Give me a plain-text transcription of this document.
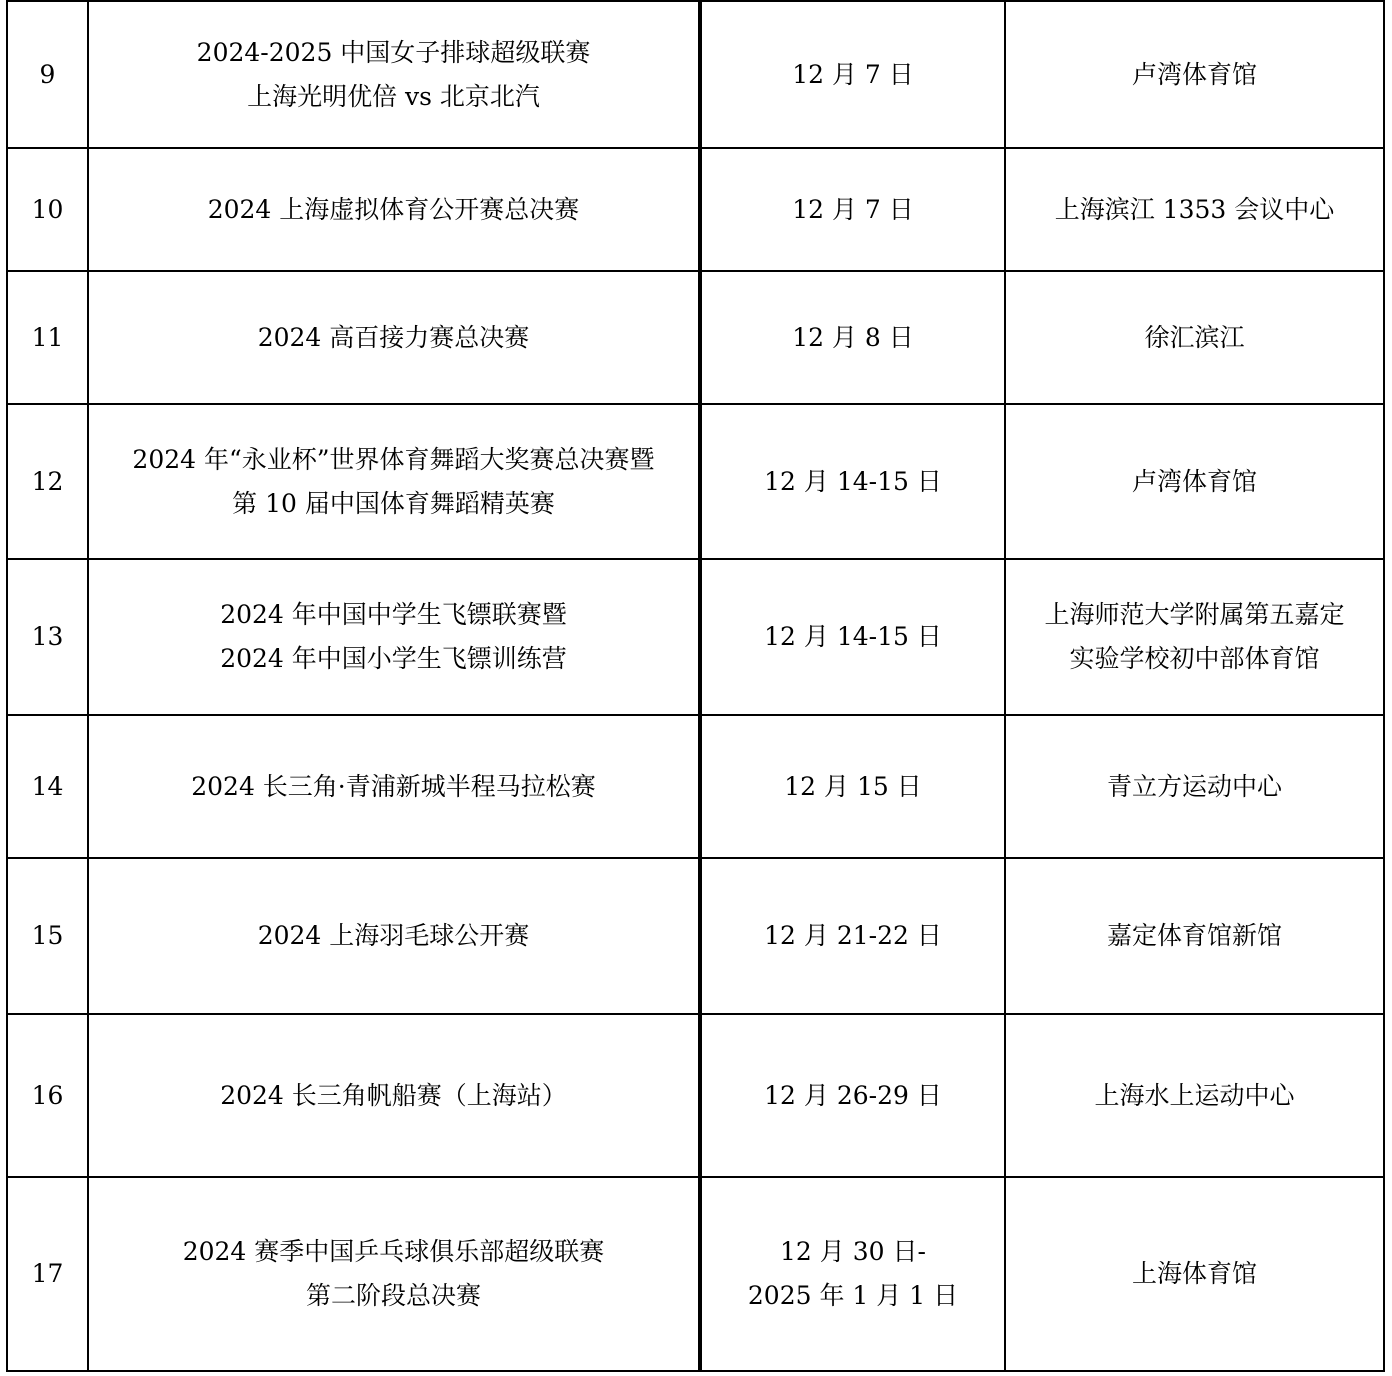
9	2024-2025 中国女子排球超级联赛
上海光明优倍 vs 北京北汽	12 月 7 日	卢湾体育馆

10	2024 上海虚拟体育公开赛总决赛	12 月 7 日	上海滨江 1353 会议中心

11	2024 高百接力赛总决赛	12 月 8 日	徐汇滨江

12	2024 年“永业杯”世界体育舞蹈大奖赛总决赛暨
第 10 届中国体育舞蹈精英赛	12 月 14-15 日	卢湾体育馆

13	2024 年中国中学生飞镖联赛暨
2024 年中国小学生飞镖训练营	12 月 14-15 日	上海师范大学附属第五嘉定
实验学校初中部体育馆

14	2024 长三角·青浦新城半程马拉松赛	12 月 15 日	青立方运动中心

15	2024 上海羽毛球公开赛	12 月 21-22 日	嘉定体育馆新馆

16	2024 长三角帆船赛（上海站）	12 月 26-29 日	上海水上运动中心

17	2024 赛季中国乒乓球俱乐部超级联赛
第二阶段总决赛	12 月 30 日-
2025 年 1 月 1 日	上海体育馆
